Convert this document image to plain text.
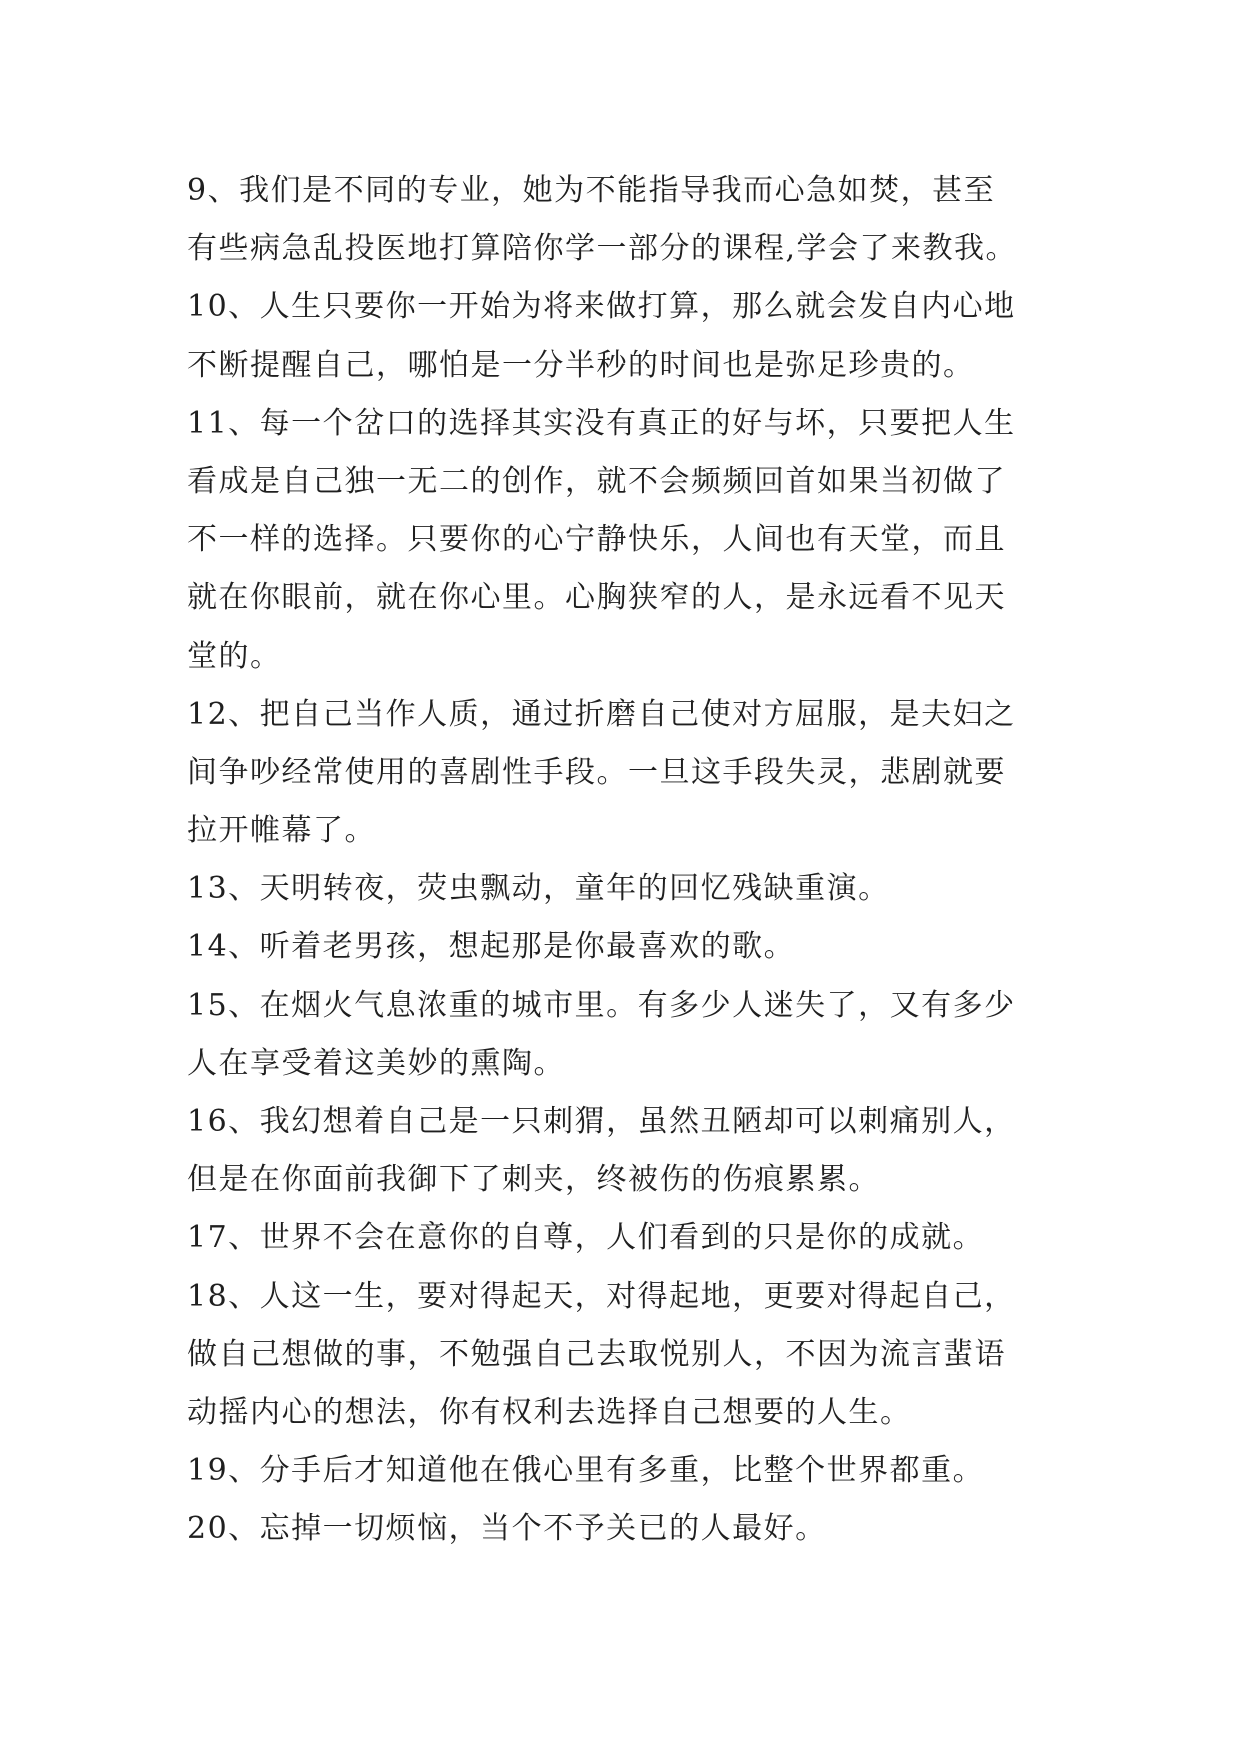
9、我们是不同的专业，她为不能指导我而心急如焚，甚至
有些病急乱投医地打算陪你学一部分的课程,学会了来教我。
10、人生只要你一开始为将来做打算，那么就会发自内心地
不断提醒自己，哪怕是一分半秒的时间也是弥足珍贵的。
11、每一个岔口的选择其实没有真正的好与坏，只要把人生
看成是自己独一无二的创作，就不会频频回首如果当初做了
不一样的选择。只要你的心宁静快乐，人间也有天堂，而且
就在你眼前，就在你心里。心胸狭窄的人，是永远看不见天
堂的。
12、把自己当作人质，通过折磨自己使对方屈服，是夫妇之
间争吵经常使用的喜剧性手段。一旦这手段失灵，悲剧就要
拉开帷幕了。
13、天明转夜，荧虫飘动，童年的回忆残缺重演。
14、听着老男孩，想起那是你最喜欢的歌。
15、在烟火气息浓重的城市里。有多少人迷失了，又有多少
人在享受着这美妙的熏陶。
16、我幻想着自己是一只刺猬，虽然丑陋却可以刺痛别人，
但是在你面前我御下了刺夹，终被伤的伤痕累累。
17、世界不会在意你的自尊，人们看到的只是你的成就。
18、人这一生，要对得起天，对得起地，更要对得起自己，
做自己想做的事，不勉强自己去取悦别人，不因为流言蜚语
动摇内心的想法，你有权利去选择自己想要的人生。
19、分手后才知道他在俄心里有多重，比整个世界都重。
20、忘掉一切烦恼，当个不予关已的人最好。
